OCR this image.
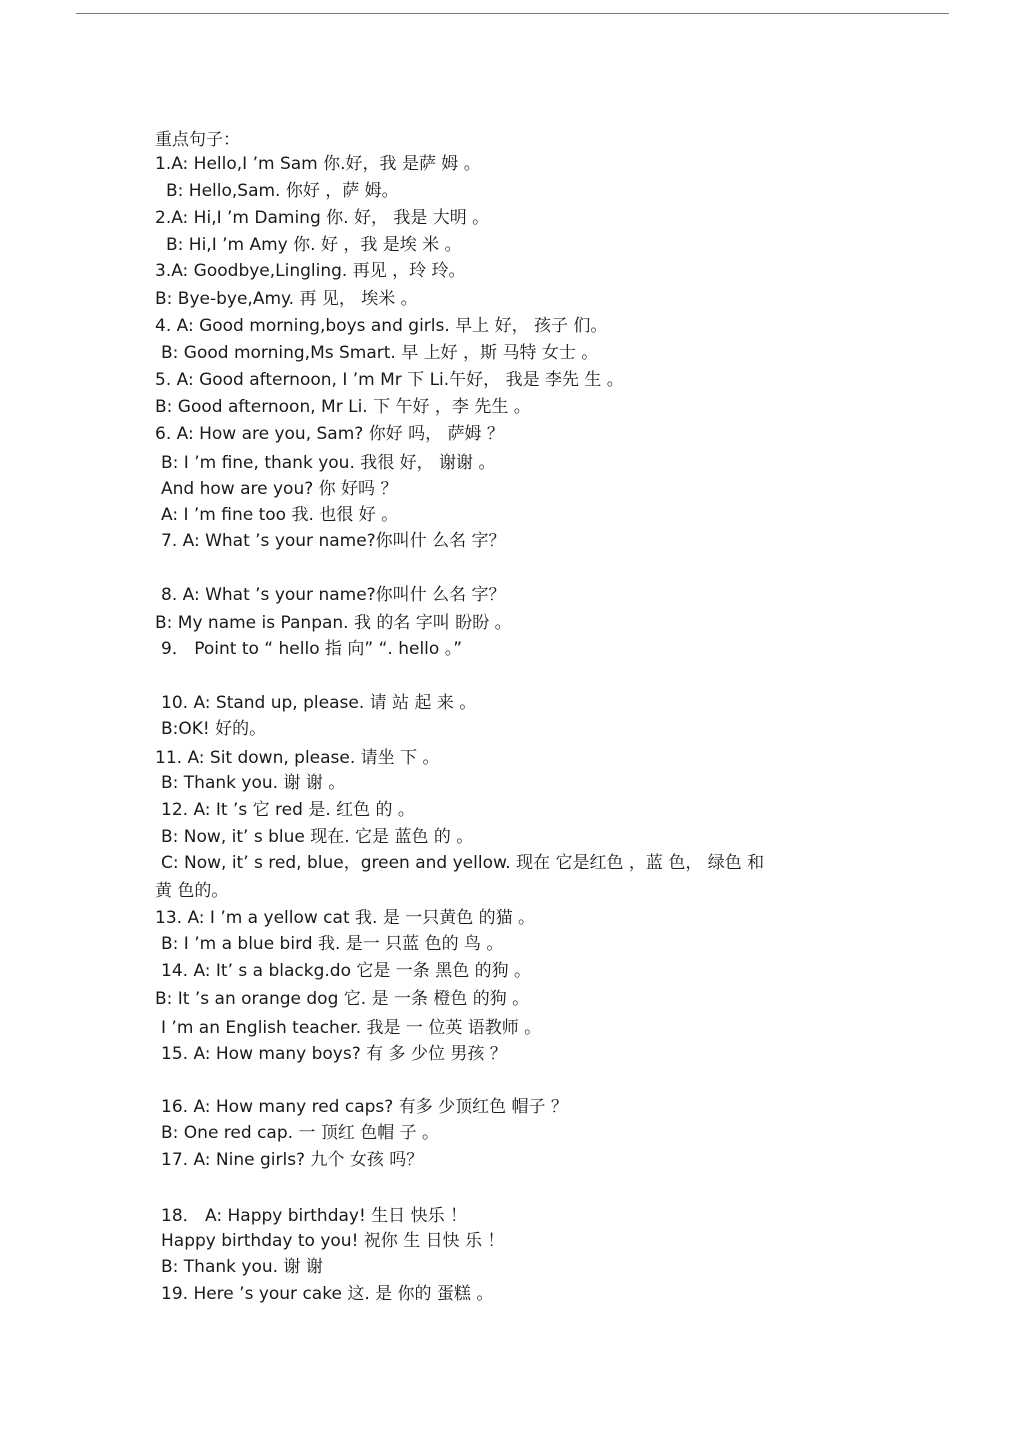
重点句子：
1.A: Hello,I ’m Sam 你.好，我 是萨 姆 。
B: Hello,Sam. 你好 ，萨 姆。
2.A: Hi,I ’m Daming 你. 好， 我是 大明 。
B: Hi,I ’m Amy 你. 好 ，我 是埃 米 。
3.A: Goodbye,Lingling. 再见 ，玲 玲。
B: Bye-bye,Amy. 再 见， 埃米 。
4. A: Good morning,boys and girls. 早上 好， 孩子 们。
B: Good morning,Ms Smart. 早 上好 ，斯 马特 女士 。
5. A: Good afternoon, I ’m Mr 下 Li.午好， 我是 李先 生 。
B: Good afternoon, Mr Li. 下 午好 ，李 先生 。
6. A: How are you, Sam? 你好 吗， 萨姆 ？
B: I ’m fine, thank you. 我很 好， 谢谢 。
And how are you? 你 好吗 ？
A: I ’m fine too 我. 也很 好 。
7. A: What ’s your name?你叫什 么名 字？
8. A: What ’s your name?你叫什 么名 字？
B: My name is Panpan. 我 的名 字叫 盼盼 。
9． Point to “ hello 指 向” “. hello 。”
10. A: Stand up, please. 请 站 起 来 。
B:OK! 好的。
11. A: Sit down, please. 请坐 下 。
B: Thank you. 谢 谢 。
12. A: It ’s 它 red 是. 红色 的 。
B: Now, it’ s blue 现在. 它是 蓝色 的 。
C: Now, it’ s red, blue，green and yellow. 现在 它是红色 ，蓝 色， 绿色 和
黄 色的。
13. A: I ’m a yellow cat 我. 是 一只黄色 的猫 。
B: I ’m a blue bird 我. 是一 只蓝 色的 鸟 。
14. A: It’ s a blackg.do 它是 一条 黑色 的狗 。
B: It ’s an orange dog 它. 是 一条 橙色 的狗 。
I ’m an English teacher. 我是 一 位英 语教师 。
15. A: How many boys? 有 多 少位 男孩 ？
16. A: How many red caps? 有多 少顶红色 帽子 ？
B: One red cap. 一 顶红 色帽 子 。
17. A: Nine girls? 九个 女孩 吗？
18． A: Happy birthday! 生日 快乐 ！
Happy birthday to you! 祝你 生 日快 乐 ！
B: Thank you. 谢 谢
19. Here ’s your cake 这. 是 你的 蛋糕 。
